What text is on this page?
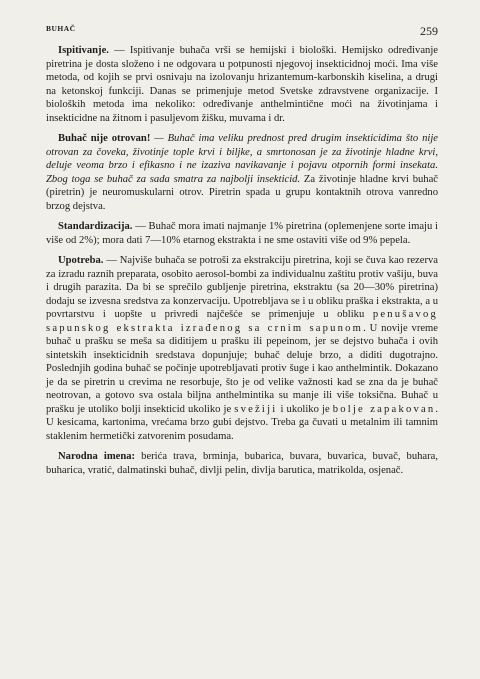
BUHAČ	259

Ispitivanje. — Ispitivanje buhača vrši se hemijski i biološki. Hemijsko određivanje piretrina je dosta složeno i ne odgovara u potpunosti njegovoj insekticidnoj moći. Ima više metoda, od kojih se prvi osnivaju na izolovanju hrizantemum-karbonskih kiselina, a drugi na ketonskoj funkciji. Danas se primenjuje metod Svetske zdravstvene organizacije. I bioloških metoda ima nekoliko: određivanje anthelmintične moći na životinjama i insekticidne na žitnom i pasuljevom žišku, muvama i dr.

Buhač nije otrovan! — Buhač ima veliku prednost pred drugim insekticidima što nije otrovan za čoveka, životinje tople krvi i biljke, a smrtonosan je za životinje hladne krvi, deluje veoma brzo i efikasno i ne izaziva navikavanje i pojavu otpornih formi insekata. Zbog toga se buhač za sada smatra za najbolji insekticid. Za životinje hladne krvi buhač (piretrin) je neuromuskularni otrov. Piretrin spada u grupu kontaktnih otrova vanredno brzog dejstva.

Standardizacija. — Buhač mora imati najmanje 1% piretrina (oplemenjene sorte imaju i više od 2%); mora dati 7—10% etarnog ekstrakta i ne sme ostaviti više od 9% pepela.

Upotreba. — Najviše buhača se potroši za ekstrakciju piretrina, koji se čuva kao rezerva za izradu raznih preparata, osobito aerosol-bombi za individualnu zaštitu protiv vašiju, buva i drugih parazita. Da bi se sprečilo gubljenje piretrina, ekstraktu (sa 20—30% piretrina) dodaju se izvesna sredstva za konzervaciju. Upotrebljava se i u obliku praška i ekstrakta, a u povrtarstvu i uopšte u privredi najčešće se primenjuje u obliku penušavog sapunskog ekstrakta izrađenog sa crnim sapunom. U novije vreme buhač u prašku se meša sa diditijem u prašku ili pepeinom, jer se dejstvo buhača i ovih sintetskih insekticidnih sredstava dopunjuje; buhač deluje brzo, a diditi dugotrajno. Poslednjih godina buhač se počinje upotrebljavati protiv šuge i kao anthelmintik. Dokazano je da se piretrin u crevima ne resorbuje, što je od velike važnosti kad se zna da je buhač neotrovan, a gotovo sva ostala biljna anthelmintika su manje ili više toksična. Buhač u prašku je utoliko bolji insekticid ukoliko je svežiji i ukoliko je bolje zapakovan. U kesicama, kartonima, vrećama brzo gubi dejstvo. Treba ga čuvati u metalnim ili tamnim staklenim hermetički zatvorenim posudama.

Narodna imena: berića trava, brminja, bubarica, buvara, buvarica, buvač, buhara, buharica, vratić, dalmatinski buhač, divlji pelin, divlja barutica, matrikolda, osjenač.
